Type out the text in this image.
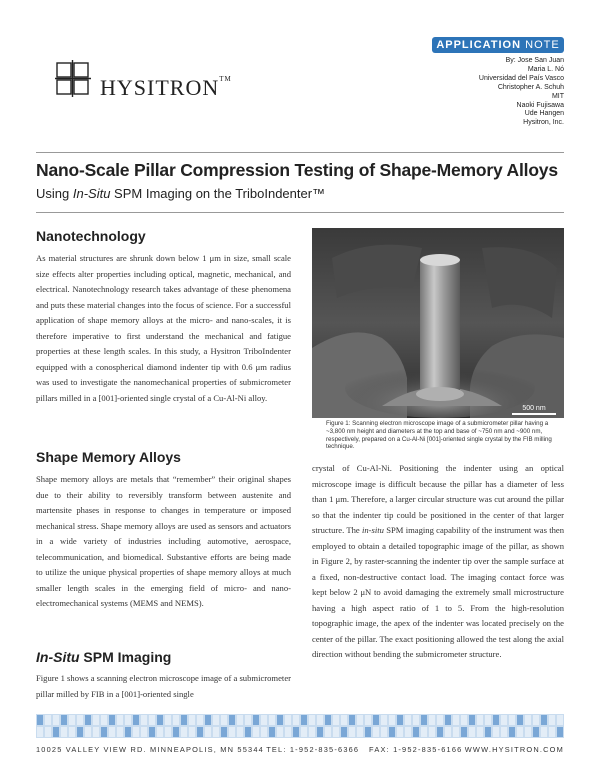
APPLICATION NOTE
HYSITRON™
By: Jose San Juan
Maria L. Nó
Universidad del País Vasco
Christopher A. Schuh
MIT
Naoki Fujisawa
Ude Hangen
Hysitron, Inc.
Nano-Scale Pillar Compression Testing of Shape-Memory Alloys
Using In-Situ SPM Imaging on the TriboIndenter™
Nanotechnology

As material structures are shrunk down below 1 μm in size, small scale size effects alter properties including optical, magnetic, mechanical, and electrical. Nanotechnology research takes advantage of these phenomena and puts these material changes into the focus of science. For a successful application of shape memory alloys at the micro- and nano-scales, it is therefore imperative to first understand the mechanical and fatigue properties at these length scales. In this study, a Hysitron TriboIndenter equipped with a conospherical diamond indenter tip with 0.6 μm radius was used to investigate the nanomechanical properties of submicrometer pillars milled in a [001]-oriented single crystal of a Cu-Al-Ni alloy.

Shape Memory Alloys

Shape memory alloys are metals that “remember” their original shapes due to their ability to reversibly transform between austenite and martensite phases in response to changes in temperature or imposed mechanical stress. Shape memory alloys are used as sensors and actuators in a wide variety of industries including automotive, aerospace, telecommunication, and biomedical. Substantive efforts are being made to utilize the unique physical properties of shape memory alloys at much smaller length scales in the emerging field of micro- and nano-electromechanical systems (MEMS and NEMS).

In-Situ SPM Imaging

Figure 1 shows a scanning electron microscope image of a submicrometer pillar milled by FIB in a [001]-oriented single

500 nm
Figure 1: Scanning electron microscope image of a submicrometer pillar having a ~3,800 nm height and diameters at the top and base of ~750 nm and ~900 nm, respectively, prepared on a Cu-Al-Ni [001]-oriented single crystal by the FIB milling technique.

crystal of Cu-Al-Ni. Positioning the indenter using an optical microscope image is difficult because the pillar has a diameter of less than 1 μm. Therefore, a larger circular structure was cut around the pillar so that the indenter tip could be positioned in the center of that larger structure. The in-situ SPM imaging capability of the instrument was then employed to obtain a detailed topographic image of the pillar, as shown in Figure 2, by raster-scanning the indenter tip over the sample surface at a fixed, non-destructive contact load. The imaging contact force was kept below 2 μN to avoid damaging the extremely small microstructure having a high aspect ratio of 1 to 5. From the high-resolution topographic image, the apex of the indenter was located precisely on the center of the pillar. The exact positioning allowed the test along the axial direction without bending the submicrometer structure.

10025 VALLEY VIEW RD. MINNEAPOLIS, MN 55344 TEL: 1-952-835-6366 FAX: 1-952-835-6166 WWW.HYSITRON.COM
